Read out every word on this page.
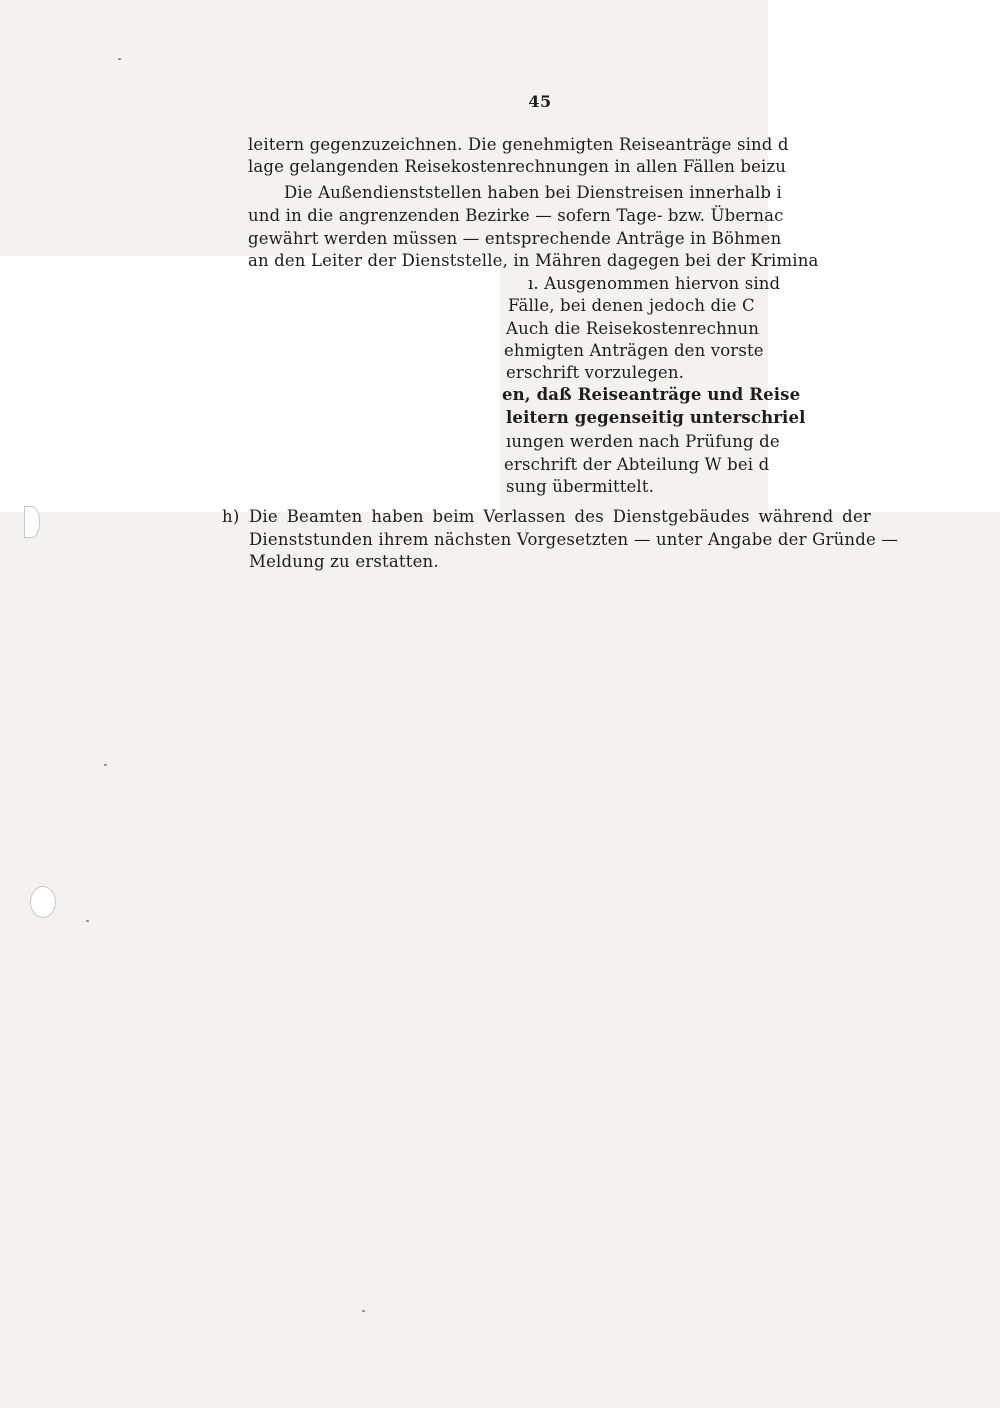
45
leitern gegenzuzeichnen. Die genehmigten Reiseanträge sind d
lage gelangenden Reisekostenrechnungen in allen Fällen beizu
Die Außendienststellen haben bei Dienstreisen innerhalb i
und in die angrenzenden Bezirke — sofern Tage- bzw. Übernac
gewährt werden müssen — entsprechende Anträge in Böhmen
an den Leiter der Dienststelle, in Mähren dagegen bei der Krimina
ı. Ausgenommen hiervon sind
Fälle, bei denen jedoch die C
Auch die Reisekostenrechnun
ehmigten Anträgen den vorste
erschrift vorzulegen.
en, daß Reiseanträge und Reise
leitern gegenseitig unterschriel
ıungen werden nach Prüfung de
erschrift der Abteilung W bei d
sung übermittelt.
h) Die Beamten haben beim Verlassen des Dienstgebäudes während der
Dienststunden ihrem nächsten Vorgesetzten — unter Angabe der Gründe —
Meldung zu erstatten.
